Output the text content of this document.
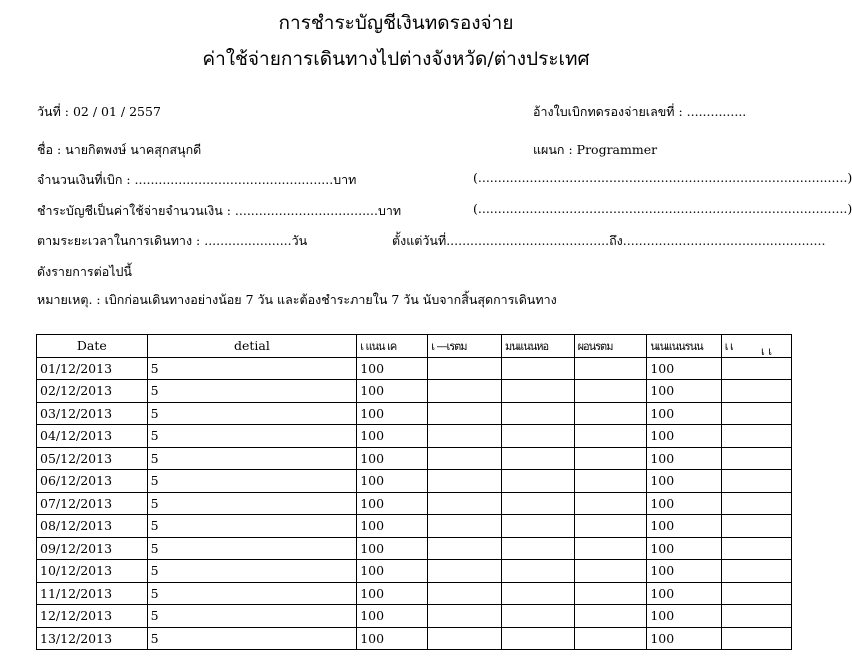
การชำระบัญชีเงินทดรองจ่าย
ค่าใช้จ่ายการเดินทางไปต่างจังหวัด/ต่างประเทศ
วันที่ : 02 / 01 / 2557	อ้างใบเบิกทดรองจ่ายเลขที่ : ...............
ชื่อ : นายกิตพงษ์ นาคสุกสนุกดี	แผนก : Programmer
จำนวนเงินที่เบิก : ..................................................บาท	(.............................................................................................)
ชำระบัญชีเป็นค่าใช้จ่ายจำนวนเงิน : ....................................บาท	(.............................................................................................)
ตามระยะเวลาในการเดินทาง : ......................วัน	ตั้งแต่วันที่.........................................ถึง...................................................
ดังรายการต่อไปนี้
หมายเหตุ. : เบิกก่อนเดินทางอย่างน้อย 7 วัน และต้องชำระภายใน 7 วัน นับจากสิ้นสุดการเดินทาง
Date	detial	เ แนน เค	เ —เรตม	มนเเนนหอ	ผอนรตม	นเนเเนนรนน	เ เ
01/12/2013	5	100				100	
02/12/2013	5	100				100	
03/12/2013	5	100				100	
04/12/2013	5	100				100	
05/12/2013	5	100				100	
06/12/2013	5	100				100	
07/12/2013	5	100				100	
08/12/2013	5	100				100	
09/12/2013	5	100				100	
10/12/2013	5	100				100	
11/12/2013	5	100				100	
12/12/2013	5	100				100	
13/12/2013	5	100				100	
เ เ
